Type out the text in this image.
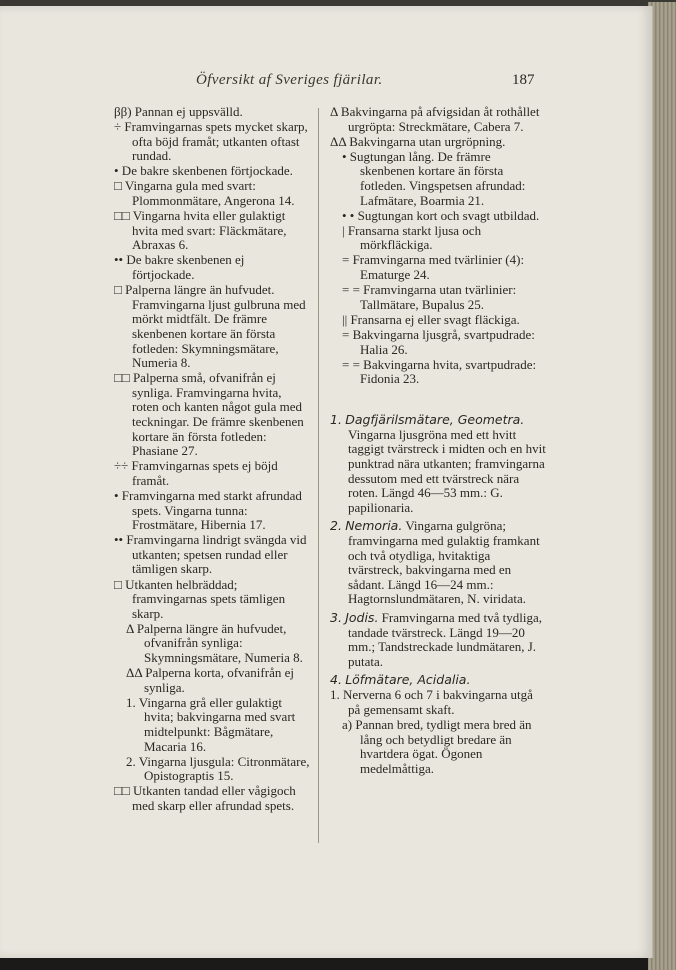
Öfversikt af Sveriges fjärilar.	187
ββ) Pannan ej uppsvälld.
÷ Framvingarnas spets mycket skarp, ofta böjd framåt; utkanten oftast rundad.
• De bakre skenbenen förtjockade.
□ Vingarna gula med svart: Plommonmätare, Angerona 14.
□□ Vingarna hvita eller gulaktigt hvita med svart: Fläckmätare, Abraxas 6.
•• De bakre skenbenen ej förtjockade.
□ Palperna längre än hufvudet. Framvingarna ljust gulbruna med mörkt midtfält. De främre skenbenen kortare än första fotleden: Skymningsmätare, Numeria 8.
□□ Palperna små, ofvanifrån ej synliga. Framvingarna hvita, roten och kanten något gula med teckningar. De främre skenbenen kortare än första fotleden: Phasiane 27.
÷÷ Framvingarnas spets ej böjd framåt.
• Framvingarna med starkt afrundad spets. Vingarna tunna: Frostmätare, Hibernia 17.
•• Framvingarna lindrigt svängda vid utkanten; spetsen rundad eller tämligen skarp.
□ Utkanten helbräddad; framvingarnas spets tämligen skarp.
Δ Palperna längre än hufvudet, ofvanifrån synliga: Skymningsmätare, Numeria 8.
ΔΔ Palperna korta, ofvanifrån ej synliga.
1. Vingarna grå eller gulaktigt hvita; bakvingarna med svart midtelpunkt: Bågmätare, Macaria 16.
2. Vingarna ljusgula: Citronmätare, Opistograptis 15.
□□ Utkanten tandad eller vågigoch med skarp eller afrundad spets.
Δ Bakvingarna på afvigsidan åt rothållet urgröpta: Streckmätare, Cabera 7.
ΔΔ Bakvingarna utan urgröpning.
• Sugtungan lång. De främre skenbenen kortare än första fotleden. Vingspetsen afrundad: Lafmätare, Boarmia 21.
• • Sugtungan kort och svagt utbildad.
| Fransarna starkt ljusa och mörkfläckiga.
= Framvingarna med tvärlinier (4): Ematurge 24.
= = Framvingarna utan tvärlinier: Tallmätare, Bupalus 25.
|| Fransarna ej eller svagt fläckiga.
= Bakvingarna ljusgrå, svartpudrade: Halia 26.
= = Bakvingarna hvita, svartpudrade: Fidonia 23.
1. Dagfjärilsmätare, Geometra. Vingarna ljusgröna med ett hvitt taggigt tvärstreck i midten och en hvit punktrad nära utkanten; framvingarna dessutom med ett tvärstreck nära roten. Längd 46—53 mm.: G. papilionaria.
2. Nemoria. Vingarna gulgröna; framvingarna med gulaktig framkant och två otydliga, hvitaktiga tvärstreck, bakvingarna med en sådant. Längd 16—24 mm.: Hagtornslundmätaren, N. viridata.
3. Jodis. Framvingarna med två tydliga, tandade tvärstreck. Längd 19—20 mm.; Tandstreckade lundmätaren, J. putata.
4. Löfmätare, Acidalia.
1. Nerverna 6 och 7 i bakvingarna utgå på gemensamt skaft.
a) Pannan bred, tydligt mera bred än lång och betydligt bredare än hvartdera ögat. Ögonen medelmåttiga.
